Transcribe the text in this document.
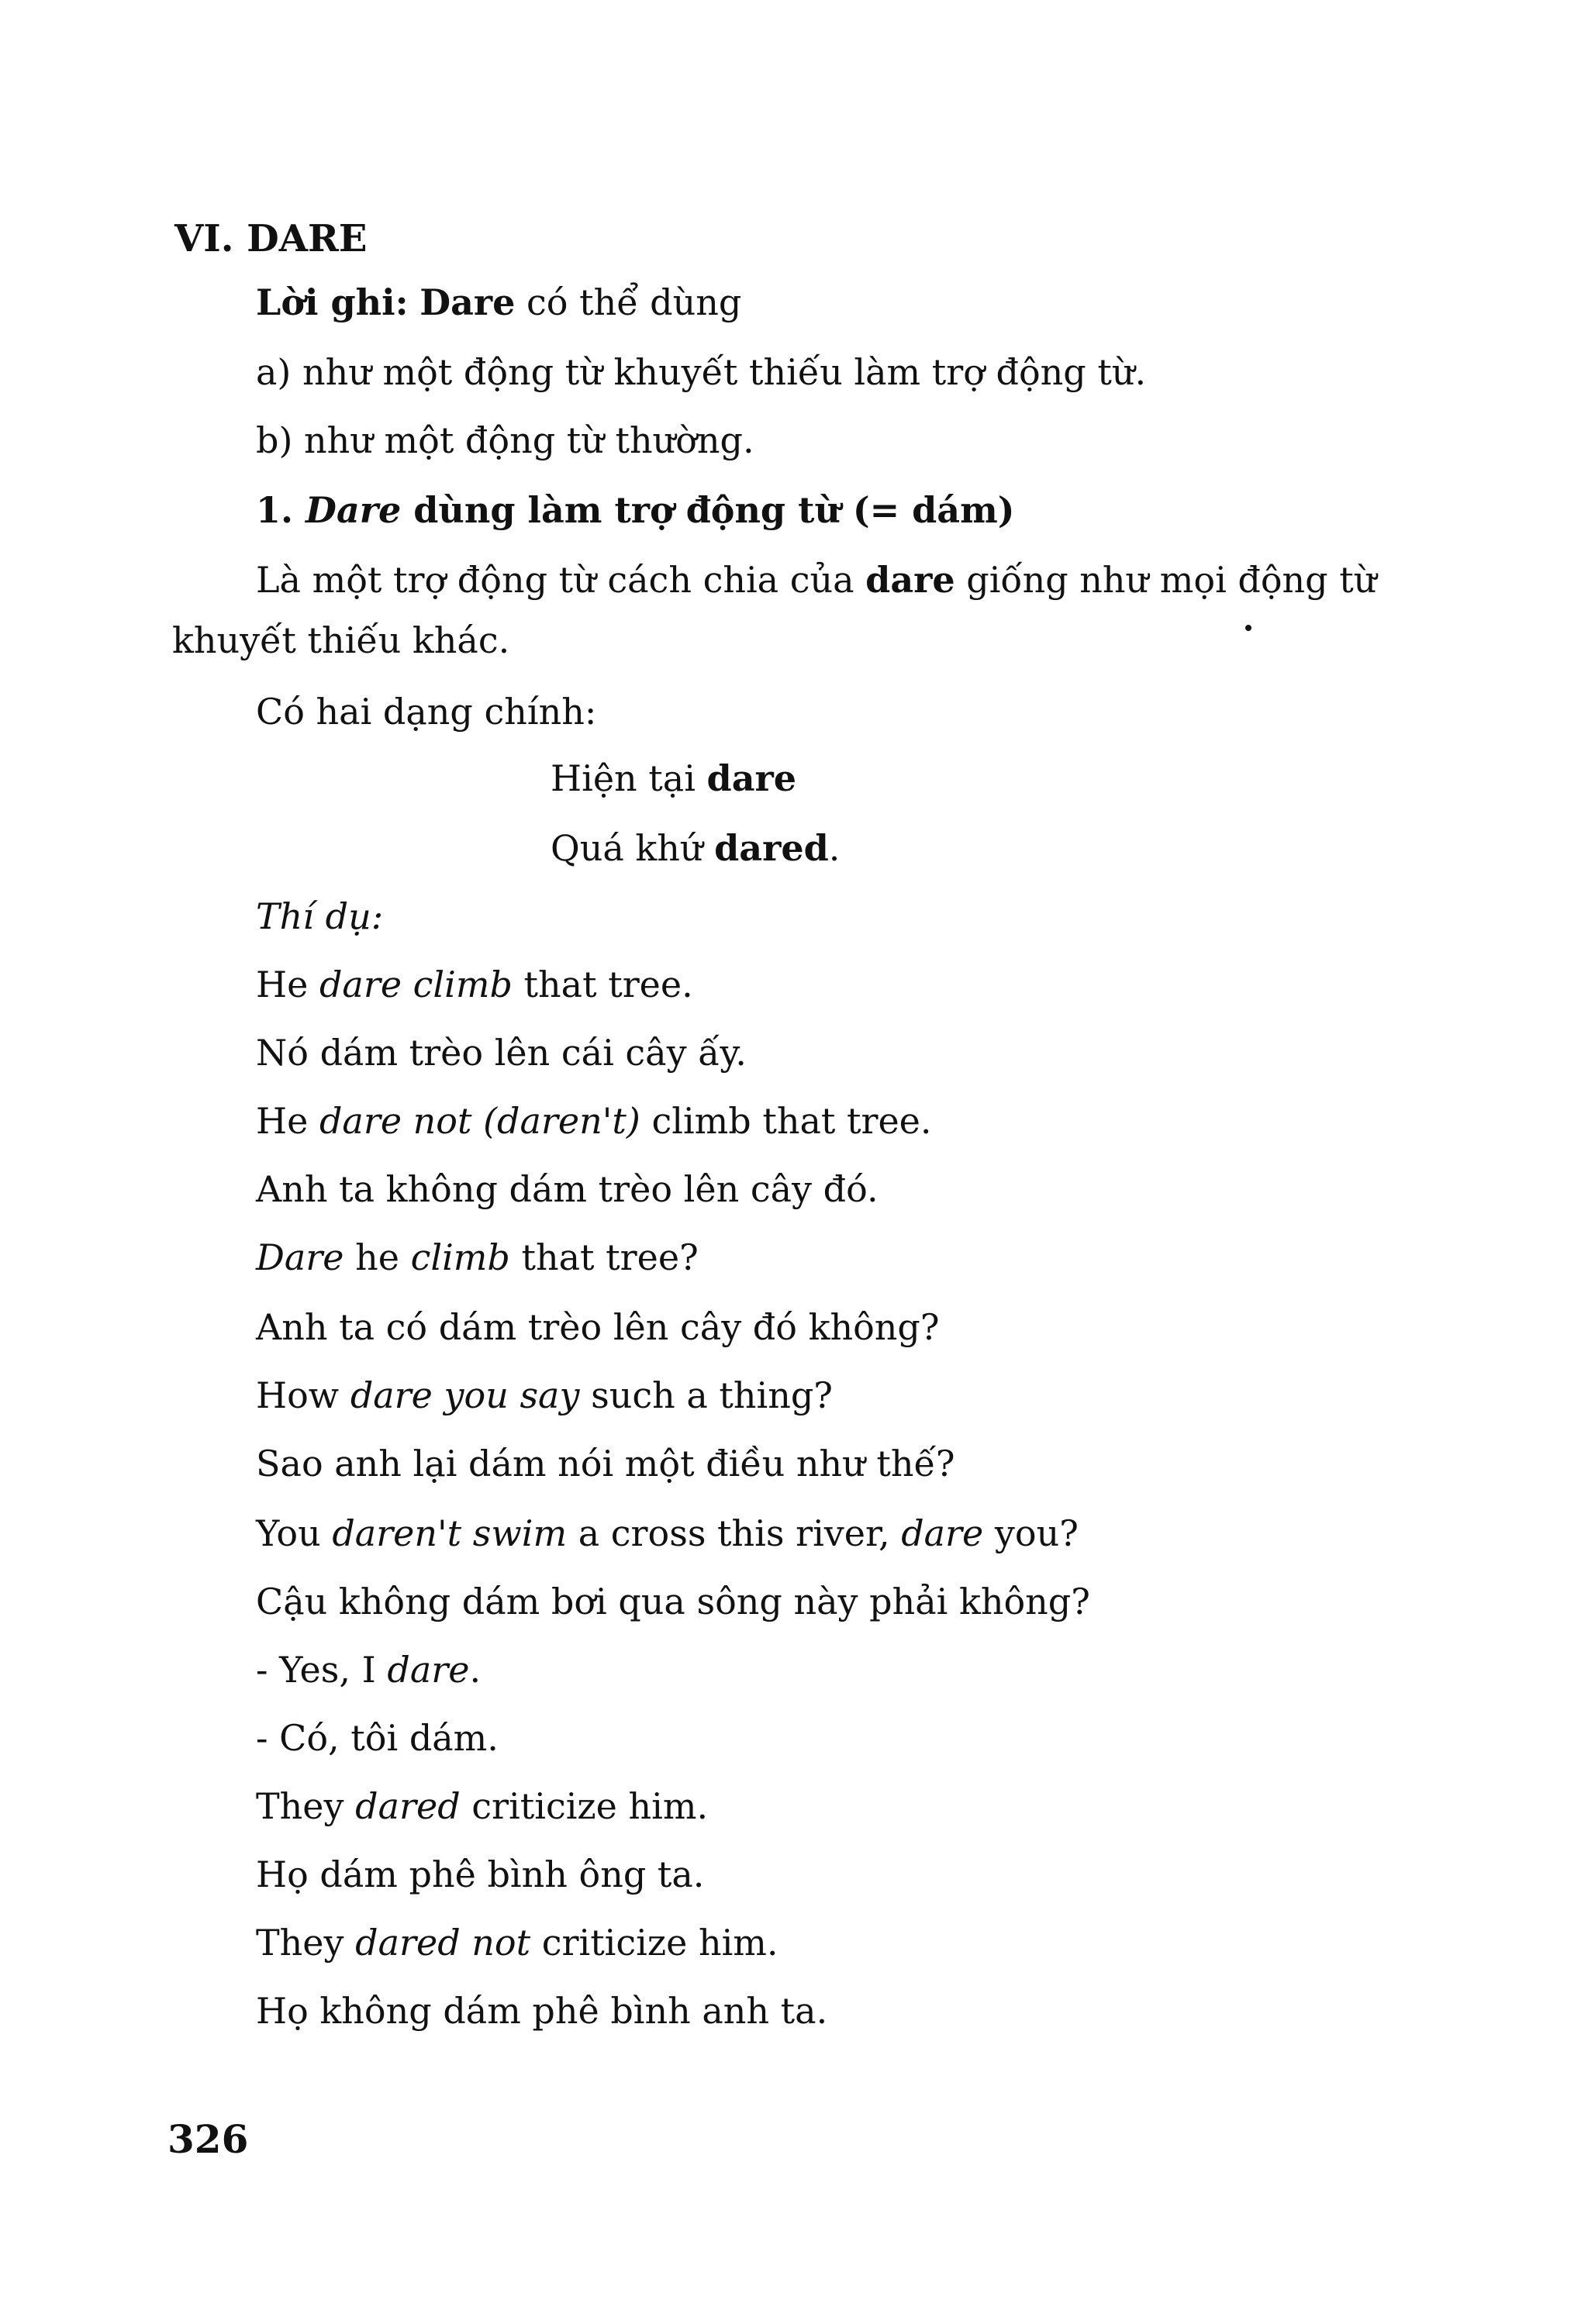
VI. DARE
Lời ghi: Dare có thể dùng
a) như một động từ khuyết thiếu làm trợ động từ.
b) như một động từ thường.
1. Dare dùng làm trợ động từ (= dám)
Là một trợ động từ cách chia của dare giống như mọi động từ
khuyết thiếu khác.
Có hai dạng chính:
Hiện tại dare
Quá khứ dared.
Thí dụ:
He dare climb that tree.
Nó dám trèo lên cái cây ấy.
He dare not (daren't) climb that tree.
Anh ta không dám trèo lên cây đó.
Dare he climb that tree?
Anh ta có dám trèo lên cây đó không?
How dare you say such a thing?
Sao anh lại dám nói một điều như thế?
You daren't swim a cross this river, dare you?
Cậu không dám bơi qua sông này phải không?
- Yes, I dare.
- Có, tôi dám.
They dared criticize him.
Họ dám phê bình ông ta.
They dared not criticize him.
Họ không dám phê bình anh ta.
326
